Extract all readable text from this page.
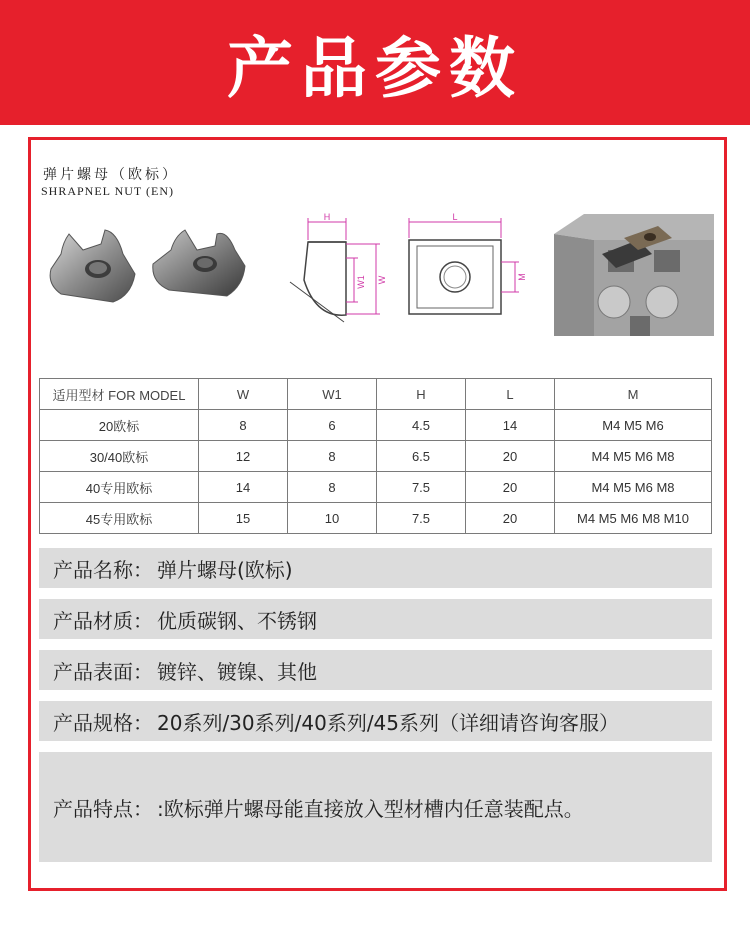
产品参数
弹片螺母（欧标）
SHRAPNEL NUT (EN)
H
W1 W
L
M
适用型材 FOR MODEL	W	W1	H	L	M
20欧标	8	6	4.5	14	M4 M5 M6
30/40欧标	12	8	6.5	20	M4 M5 M6 M8
40专用欧标	14	8	7.5	20	M4 M5 M6 M8
45专用欧标	15	10	7.5	20	M4 M5 M6 M8 M10
产品名称： 弹片螺母(欧标)
产品材质： 优质碳钢、不锈钢
产品表面： 镀锌、镀镍、其他
产品规格： 20系列/30系列/40系列/45系列（详细请咨询客服）
产品特点： :欧标弹片螺母能直接放入型材槽内任意装配点。
